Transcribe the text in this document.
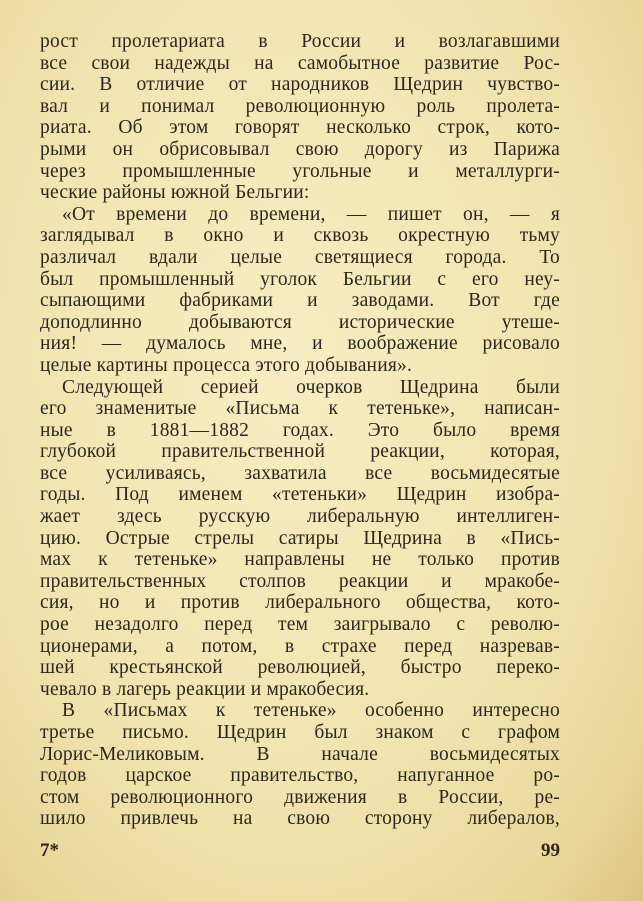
рост пролетариата в России и возлагавшими
все свои надежды на самобытное развитие Рос-
сии. В отличие от народников Щедрин чувство-
вал и понимал революционную роль пролета-
риата. Об этом говорят несколько строк, кото-
рыми он обрисовывал свою дорогу из Парижа
через промышленные угольные и металлурги-
ческие районы южной Бельгии:
«От времени до времени, — пишет он, — я
заглядывал в окно и сквозь окрестную тьму
различал вдали целые светящиеся города. То
был промышленный уголок Бельгии с его неу-
сыпающими фабриками и заводами. Вот где
доподлинно добываются исторические утеше-
ния! — думалось мне, и воображение рисовало
целые картины процесса этого добывания».
Следующей серией очерков Щедрина были
его знаменитые «Письма к тетеньке», написан-
ные в 1881—1882 годах. Это было время
глубокой правительственной реакции, которая,
все усиливаясь, захватила все восьмидесятые
годы. Под именем «тетеньки» Щедрин изобра-
жает здесь русскую либеральную интеллиген-
цию. Острые стрелы сатиры Щедрина в «Пись-
мах к тетеньке» направлены не только против
правительственных столпов реакции и мракобе-
сия, но и против либерального общества, кото-
рое незадолго перед тем заигрывало с револю-
ционерами, а потом, в страхе перед назревав-
шей крестьянской революцией, быстро переко-
чевало в лагерь реакции и мракобесия.
В «Письмах к тетеньке» особенно интересно
третье письмо. Щедрин был знаком с графом
Лорис-Меликовым. В начале восьмидесятых
годов царское правительство, напуганное ро-
стом революционного движения в России, ре-
шило привлечь на свою сторону либералов,
7*	99
